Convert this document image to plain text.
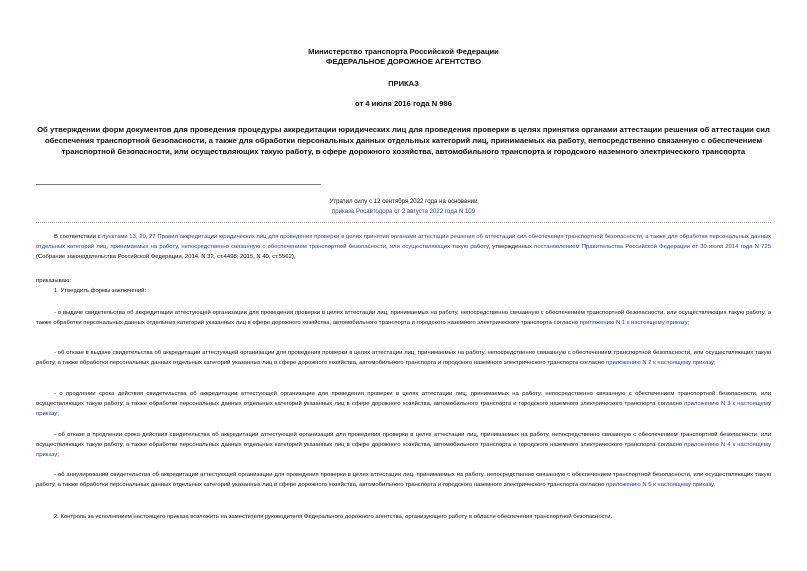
Министерство транспорта Российской Федерации
ФЕДЕРАЛЬНОЕ ДОРОЖНОЕ АГЕНТСТВО
ПРИКАЗ
от 4 июля 2016 года N 986
Об утверждении форм документов для проведения процедуры аккредитации юридических лиц для проведения проверки в целях принятия органами аттестации решения об аттестации сил обеспечения транспортной безопасности, а также для обработки персональных данных отдельных категорий лиц, принимаемых на работу, непосредственно связанную с обеспечением транспортной безопасности, или осуществляющих такую работу, в сфере дорожного хозяйства, автомобильного транспорта и городского наземного электрического транспорта
Утратил силу с 12 сентября 2022 года на основании
приказа Росавтодора от 2 августа 2022 года N 109
В соответствии с пунктами 13, 20, 27 Правил аккредитации юридических лиц для проведения проверки в целях принятия органами аттестации решения об аттестации сил обеспечения транспортной безопасности, а также для обработки персональных данных отдельных категорий лиц, принимаемых на работу, непосредственно связанную с обеспечением транспортной безопасности, или осуществляющих такую работу, утвержденных постановлением Правительства Российской Федерации от 30 июля 2014 года N 725 (Собрание законодательства Российской Федерации, 2014, N 32, ст.4498; 2015, N 40, ст.5562),
приказываю:
1. Утвердить формы заключений:
- о выдаче свидетельства об аккредитации аттестующей организации для проведения проверки в целях аттестации лиц, принимаемых на работу, непосредственно связанную с обеспечением транспортной безопасности, или осуществляющих такую работу, а также обработки персональных данных отдельных категорий указанных лиц в сфере дорожного хозяйства, автомобильного транспорта и городского наземного электрического транспорта согласно приложению N 1 к настоящему приказу;
- об отказе в выдаче свидетельства об аккредитации аттестующей организации для проведения проверки в целях аттестации лиц, принимаемых на работу, непосредственно связанную с обеспечением транспортной безопасности, или осуществляющих такую работу, а также обработки персональных данных отдельных категорий указанных лиц в сфере дорожного хозяйства, автомобильного транспорта и городского наземного электрического транспорта согласно приложению N 2 к настоящему приказу;
- о продлении срока действия свидетельства об аккредитации аттестующей организации для проведения проверки в целях аттестации лиц, принимаемых на работу, непосредственно связанную с обеспечением транспортной безопасности, или осуществляющих такую работу, а также обработки персональных данных отдельных категорий указанных лиц в сфере дорожного хозяйства, автомобильного транспорта и городского наземного электрического транспорта согласно приложению N 3 к настоящему приказу;
- об отказе в продлении срока действия свидетельства об аккредитации аттестующей организации для проведения проверки в целях аттестации лиц, принимаемых на работу, непосредственно связанную с обеспечением транспортной безопасности, или осуществляющих такую работу, а также обработки персональных данных отдельных категорий указанных лиц в сфере дорожного хозяйства, автомобильного транспорта и городского наземного электрического транспорта согласно приложению N 4 к настоящему приказу;
- об аннулировании свидетельства об аккредитации аттестующей организации для проведения проверки в целях аттестации лиц, принимаемых на работу, непосредственно связанную с обеспечением транспортной безопасности, или осуществляющих такую работу, а также обработки персональных данных отдельных категорий указанных лиц в сфере дорожного хозяйства, автомобильного транспорта и городского наземного электрического транспорта согласно приложению N 5 к настоящему приказу.
2. Контроль за исполнением настоящего приказа возложить на заместителя руководителя Федерального дорожного агентства, организующего работу в области обеспечения транспортной безопасности.
